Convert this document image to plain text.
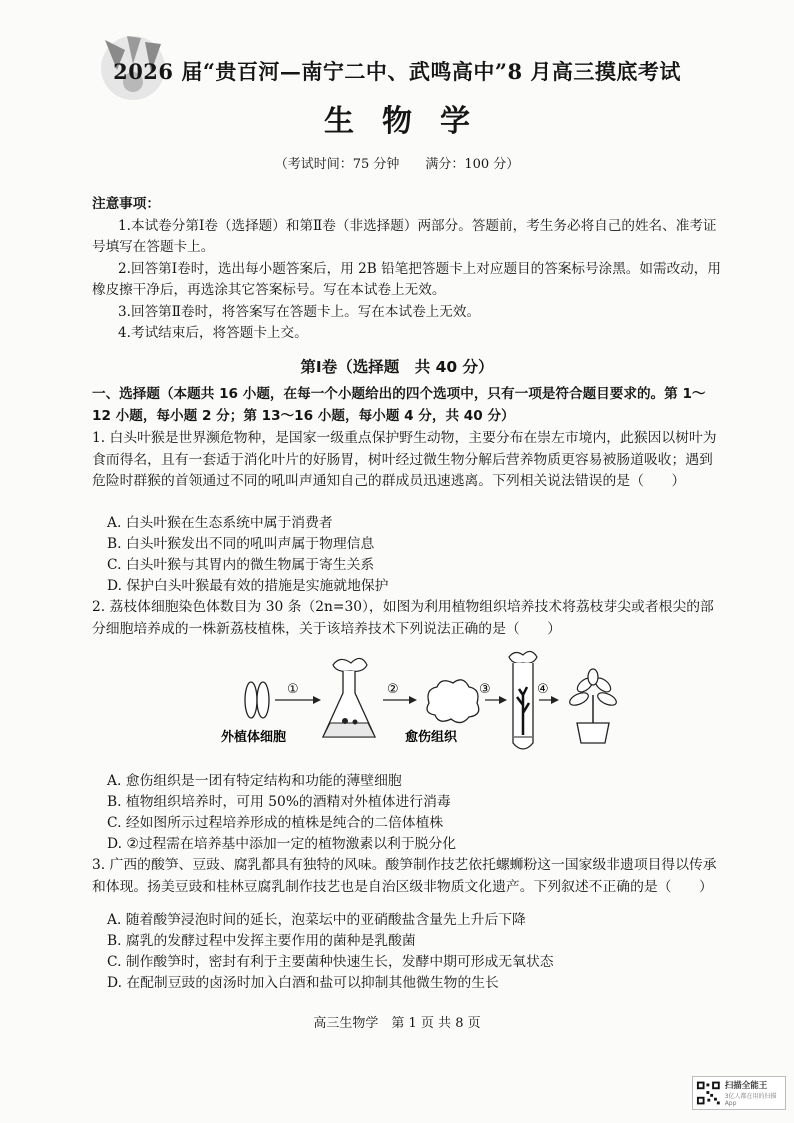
2026 届“贵百河—南宁二中、武鸣高中”8 月高三摸底考试
生物学
（考试时间：75 分钟　　满分：100 分）
注意事项：
1.本试卷分第Ⅰ卷（选择题）和第Ⅱ卷（非选择题）两部分。答题前，考生务必将自己的姓名、准考证号填写在答题卡上。
2.回答第Ⅰ卷时，选出每小题答案后，用 2B 铅笔把答题卡上对应题目的答案标号涂黑。如需改动，用橡皮擦干净后，再选涂其它答案标号。写在本试卷上无效。
3.回答第Ⅱ卷时，将答案写在答题卡上。写在本试卷上无效。
4.考试结束后，将答题卡上交。
第Ⅰ卷（选择题　共 40 分）
一、选择题（本题共 16 小题，在每一个小题给出的四个选项中，只有一项是符合题目要求的。第 1～12 小题，每小题 2 分；第 13～16 小题，每小题 4 分，共 40 分）

1. 白头叶猴是世界濒危物种，是国家一级重点保护野生动物，主要分布在崇左市境内，此猴因以树叶为食而得名，且有一套适于消化叶片的好肠胃，树叶经过微生物分解后营养物质更容易被肠道吸收；遇到危险时群猴的首领通过不同的吼叫声通知自己的群成员迅速逃离。下列相关说法错误的是（　　）

A. 白头叶猴在生态系统中属于消费者
B. 白头叶猴发出不同的吼叫声属于物理信息
C. 白头叶猴与其胃内的微生物属于寄生关系
D. 保护白头叶猴最有效的措施是实施就地保护

2. 荔枝体细胞染色体数目为 30 条（2n=30），如图为利用植物组织培养技术将荔枝芽尖或者根尖的部分细胞培养成的一株新荔枝植株，关于该培养技术下列说法正确的是（　　）

①	②	③	④
外植体细胞	愈伤组织
A. 愈伤组织是一团有特定结构和功能的薄壁细胞
B. 植物组织培养时，可用 50%的酒精对外植体进行消毒
C. 经如图所示过程培养形成的植株是纯合的二倍体植株
D. ②过程需在培养基中添加一定的植物激素以利于脱分化

3. 广西的酸笋、豆豉、腐乳都具有独特的风味。酸笋制作技艺依托螺蛳粉这一国家级非遗项目得以传承和体现。扬美豆豉和桂林豆腐乳制作技艺也是自治区级非物质文化遗产。下列叙述不正确的是（　　）

A. 随着酸笋浸泡时间的延长，泡菜坛中的亚硝酸盐含量先上升后下降
B. 腐乳的发酵过程中发挥主要作用的菌种是乳酸菌
C. 制作酸笋时，密封有利于主要菌种快速生长，发酵中期可形成无氧状态
D. 在配制豆豉的卤汤时加入白酒和盐可以抑制其他微生物的生长
高三生物学　第 1 页 共 8 页
扫描全能王
3亿人都在用的扫描App
